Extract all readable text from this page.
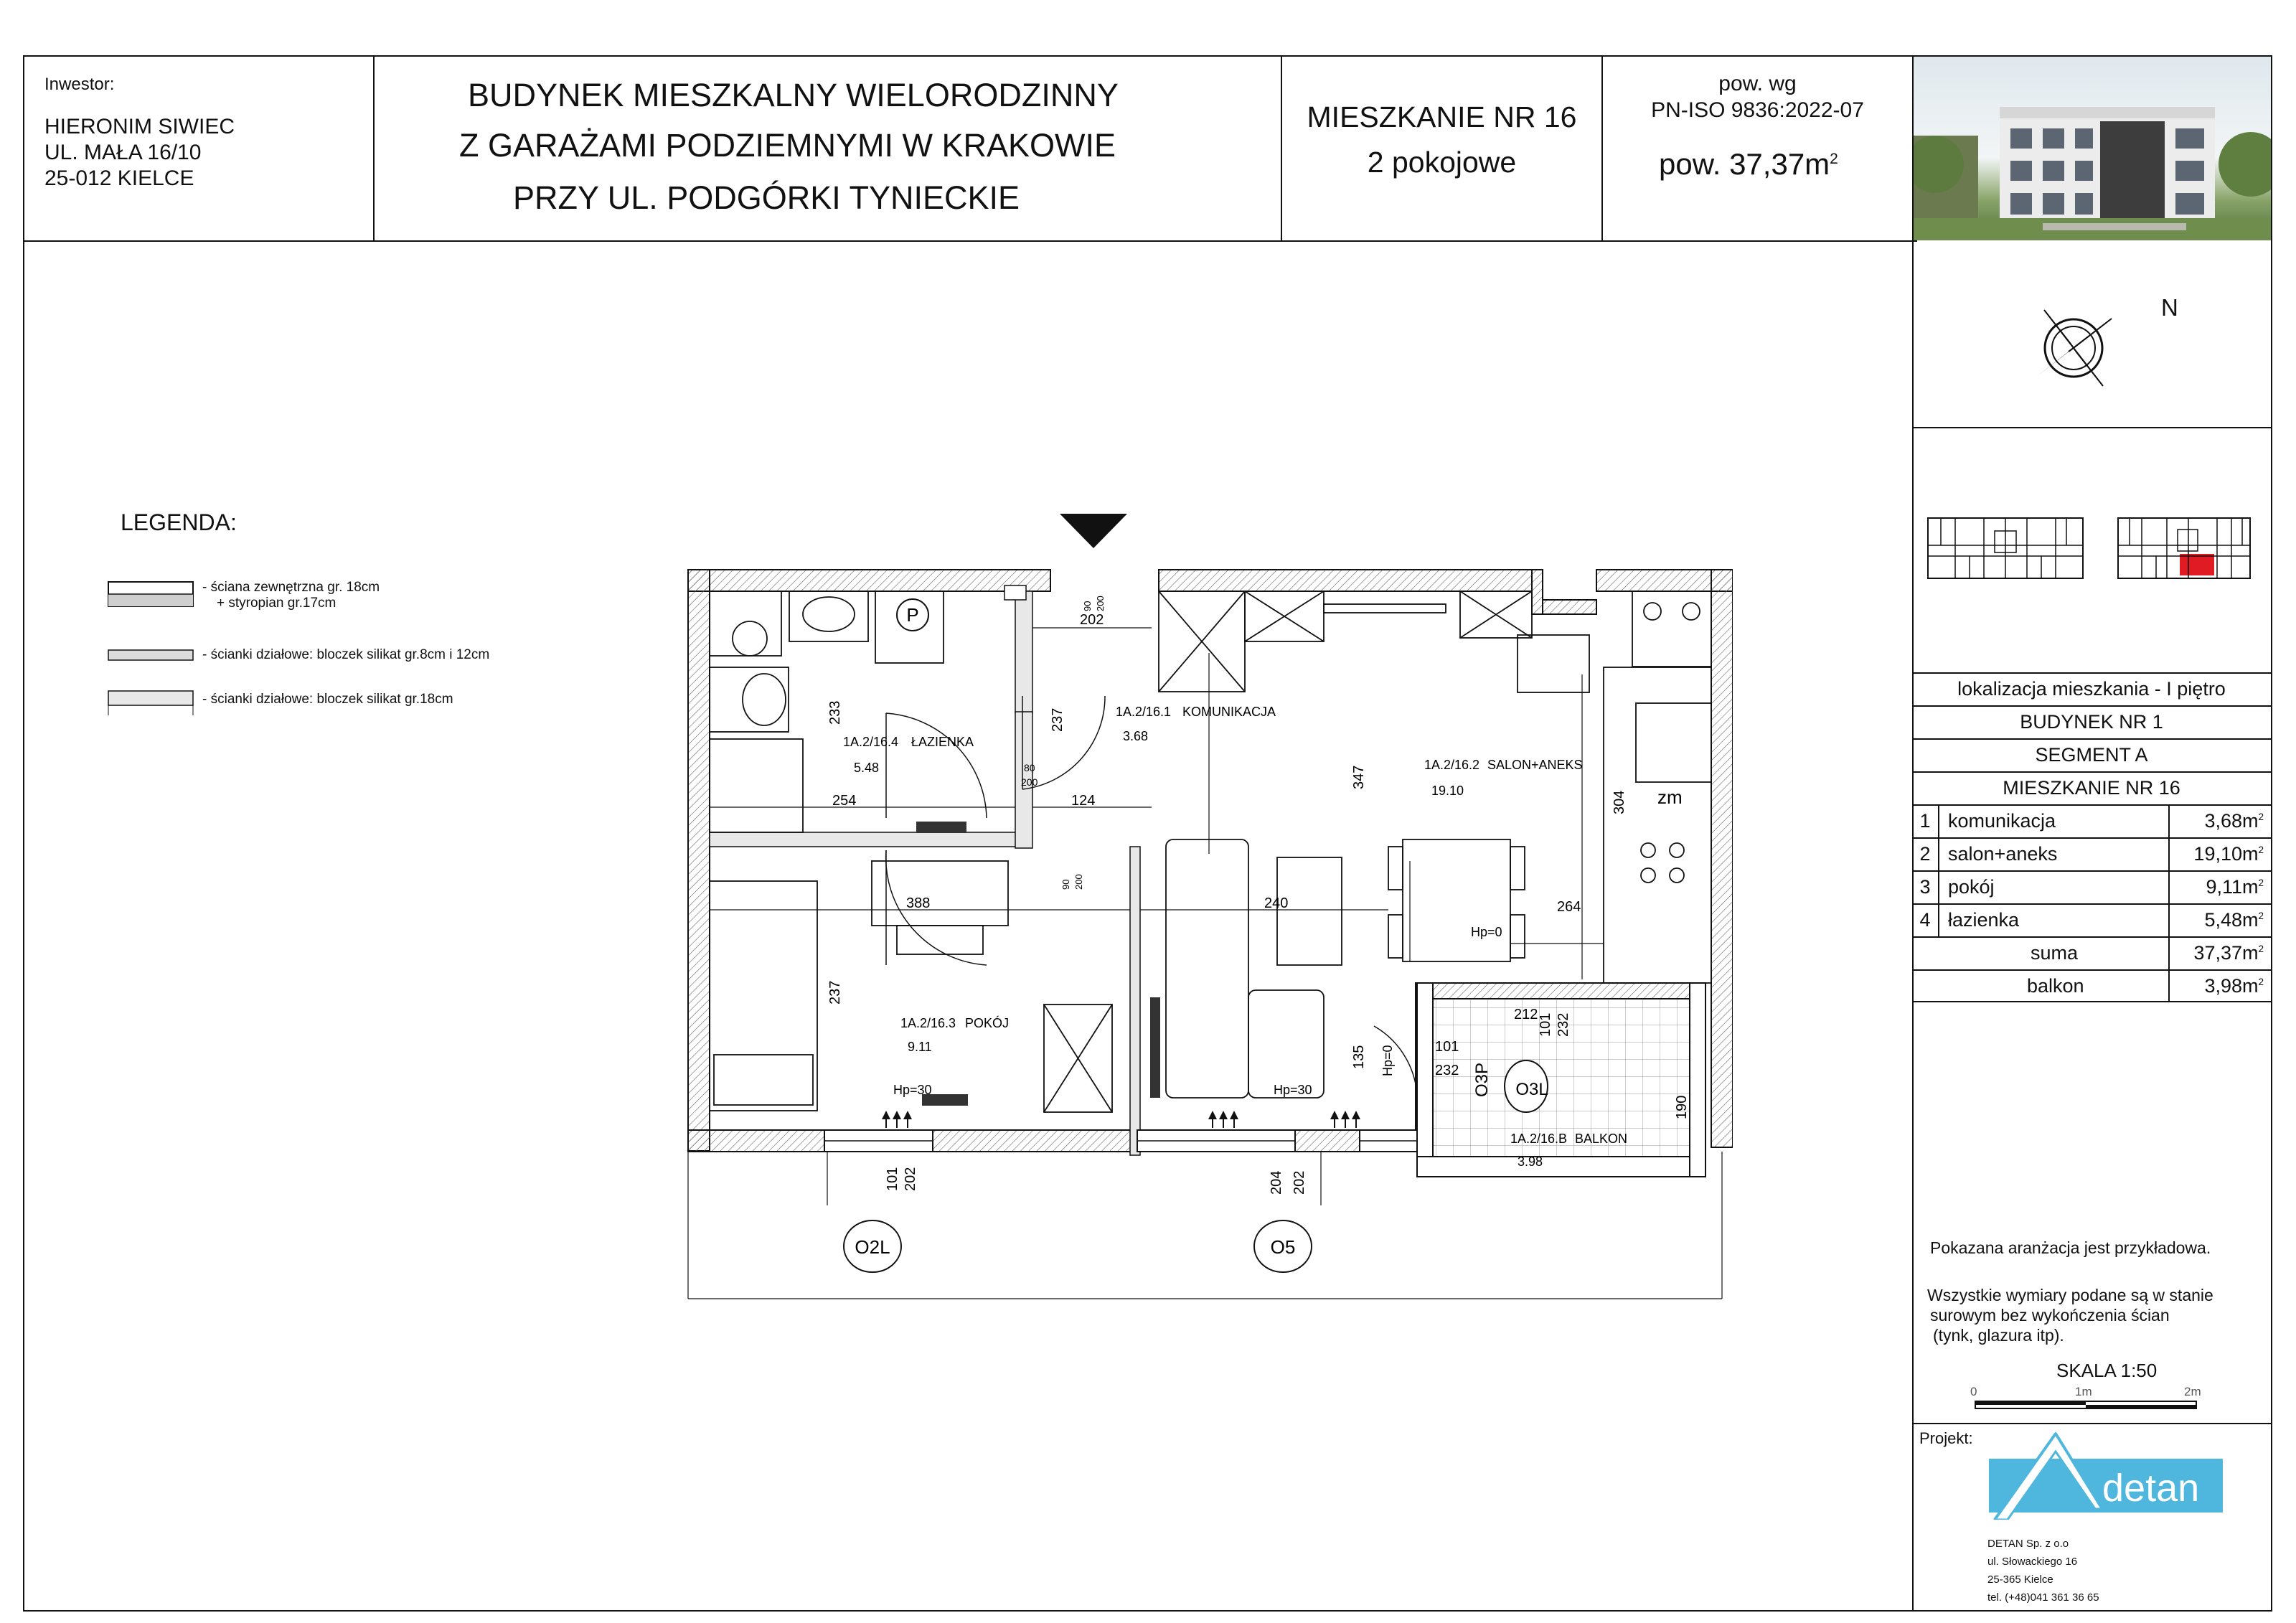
Inwestor:
HIERONIM SIWIEC
UL. MAŁA 16/10
25-012 KIELCE
BUDYNEK MIESZKALNY WIELORODZINNY
Z GARAŻAMI PODZIEMNYMI W KRAKOWIE
PRZY UL. PODGÓRKI TYNIECKIE
MIESZKANIE NR 16
2 pokojowe
pow. wg
PN-ISO 9836:2022-07
pow. $37,37m^2$
N
lokalizacja mieszkania - I piętro
BUDYNEK NR 1
SEGMENT A
MIESZKANIE NR 16
1 komunikacja	$3,68m^2$
2 salon+aneks	$19,10m^2$
3 pokój	$9,11m^2$
4 łazienka	$5,48m^2$
suma	$37,37m^2$
balkon	$3,98m^2$
Pokazana aranżacja jest przykładowa.
Wszystkie wymiary podane są w stanie
surowym bez wykończenia ścian
(tynk, glazura itp).
SKALA 1:50
0	1m	2m
Projekt:
detan
DETAN Sp. z o.o
ul. Słowackiego 16
25-365 Kielce
tel. (+48)041 361 36 65
LEGENDA:
- ściana zewnętrzna gr. 18cm
+ styropian gr.17cm
- ścianki działowe: bloczek silikat gr.8cm i 12cm
- ścianki działowe: bloczek silikat gr.18cm
P
O2L	O5
O3L
O3P
1A.2/16.4 ŁAZIENKA
5.48
1A.2/16.1 KOMUNIKACJA
3.68
1A.2/16.2 SALON+ANEKS
19.10
1A.2/16.3 POKÓJ
9.11
1A.2/16.B BALKON
3.98
202
233	237
254	124
388	240
347
264
304
237
135
212
101
232
101 232
190
101 202	204 202
80
200
90 200
90 200
Hp=30	Hp=30
Hp=0
Hp=0
zm
